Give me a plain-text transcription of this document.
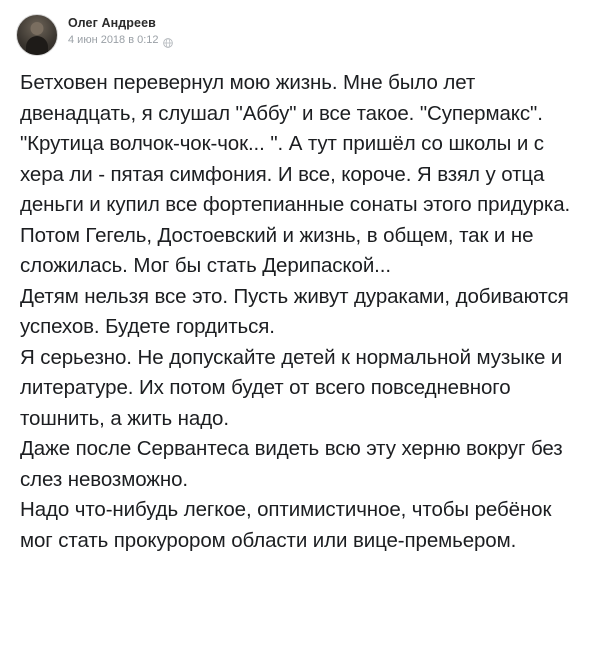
Олег Андреев
4 июн 2018 в 0:12

Бетховен перевернул мою жизнь. Мне было лет двенадцать, я слушал "Аббу" и все такое. "Супермакс". "Крутица волчок-чок-чок... ". А тут пришёл со школы и с хера ли - пятая симфония. И все, короче. Я взял у отца деньги и купил все фортепианные сонаты этого придурка. Потом Гегель, Достоевский и жизнь, в общем, так и не сложилась. Мог бы стать Дерипаской...

Детям нельзя все это. Пусть живут дураками, добиваются успехов. Будете гордиться.

Я серьезно. Не допускайте детей к нормальной музыке и литературе. Их потом будет от всего повседневного тошнить, а жить надо.

Даже после Сервантеса видеть всю эту херню вокруг без слез невозможно.

Надо что-нибудь легкое, оптимистичное, чтобы ребёнок мог стать прокурором области или вице-премьером.
